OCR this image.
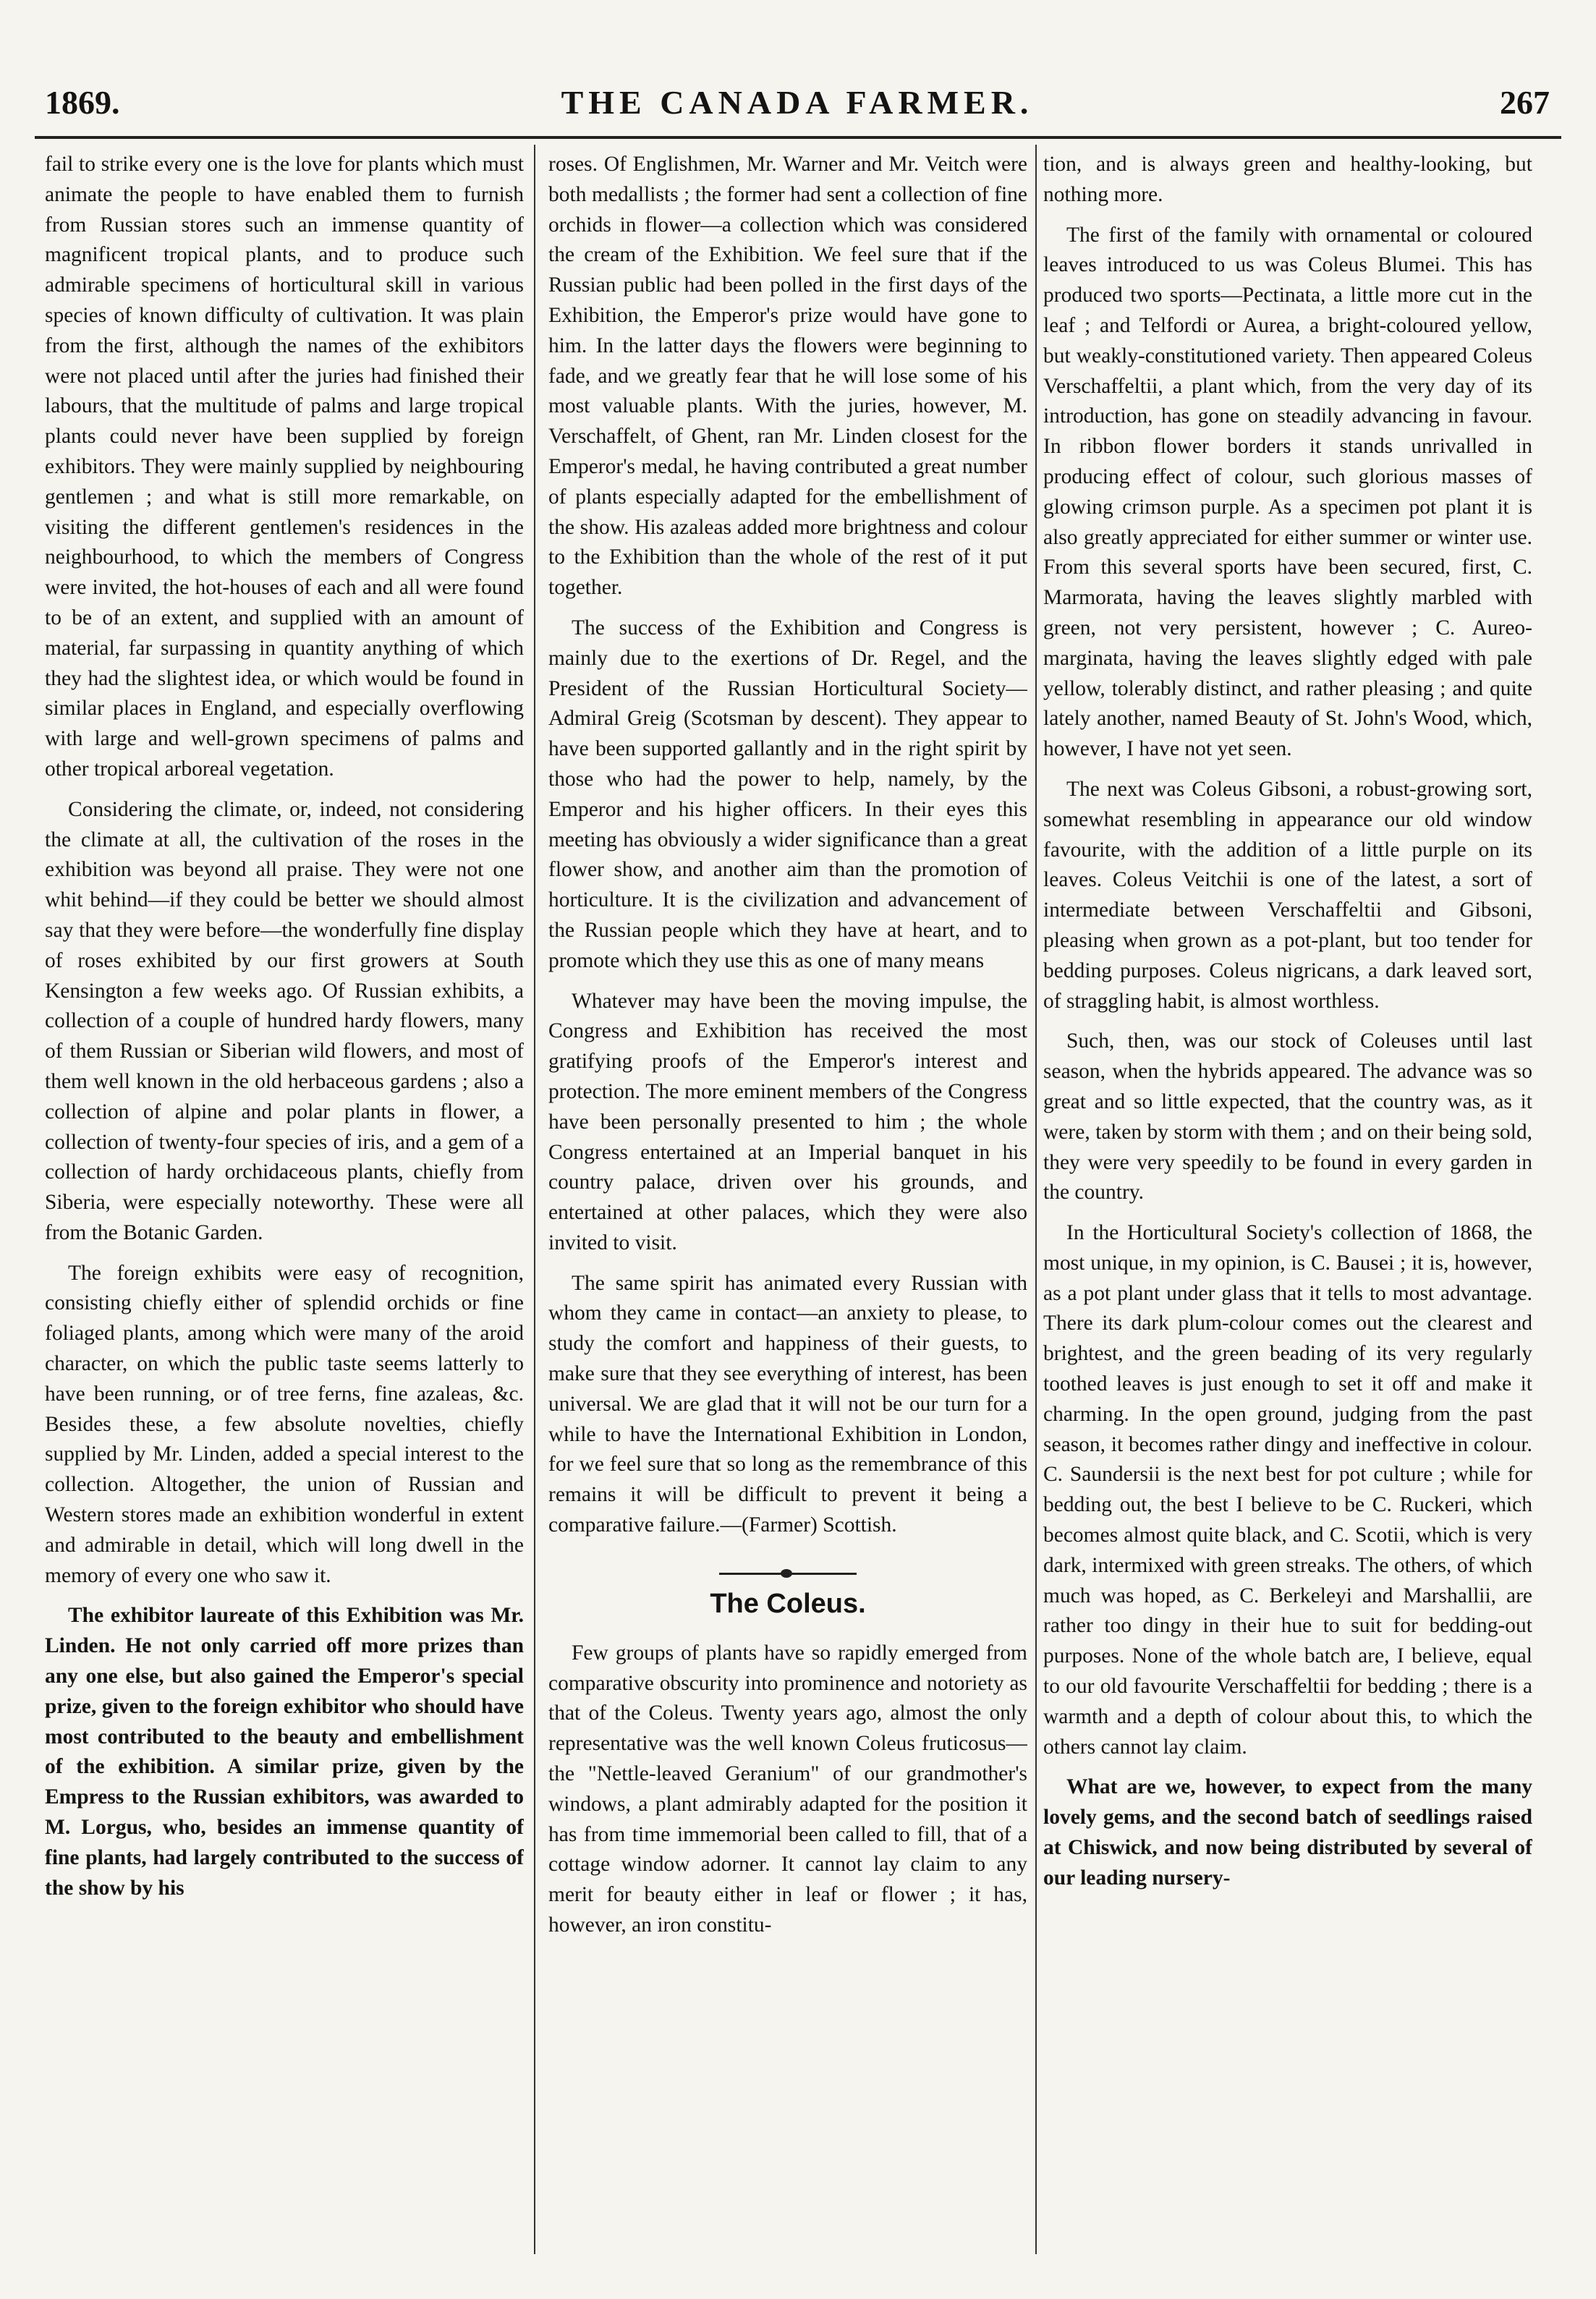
1869.	THE CANADA FARMER.	267

fail to strike every one is the love for plants which must animate the people to have enabled them to furnish from Russian stores such an immense quantity of magnificent tropical plants, and to produce such admirable specimens of horticultural skill in various species of known difficulty of cultivation. It was plain from the first, although the names of the exhibitors were not placed until after the juries had finished their labours, that the multitude of palms and large tropical plants could never have been supplied by foreign exhibitors. They were mainly supplied by neighbouring gentlemen ; and what is still more remarkable, on visiting the different gentlemen's residences in the neighbourhood, to which the members of Congress were invited, the hot-houses of each and all were found to be of an extent, and supplied with an amount of material, far surpassing in quantity anything of which they had the slightest idea, or which would be found in similar places in England, and especially overflowing with large and well-grown specimens of palms and other tropical arboreal vegetation.

Considering the climate, or, indeed, not considering the climate at all, the cultivation of the roses in the exhibition was beyond all praise. They were not one whit behind—if they could be better we should almost say that they were before—the wonderfully fine display of roses exhibited by our first growers at South Kensington a few weeks ago. Of Russian exhibits, a collection of a couple of hundred hardy flowers, many of them Russian or Siberian wild flowers, and most of them well known in the old herbaceous gardens ; also a collection of alpine and polar plants in flower, a collection of twenty-four species of iris, and a gem of a collection of hardy orchidaceous plants, chiefly from Siberia, were especially noteworthy. These were all from the Botanic Garden.

The foreign exhibits were easy of recognition, consisting chiefly either of splendid orchids or fine foliaged plants, among which were many of the aroid character, on which the public taste seems latterly to have been running, or of tree ferns, fine azaleas, &c. Besides these, a few absolute novelties, chiefly supplied by Mr. Linden, added a special interest to the collection. Altogether, the union of Russian and Western stores made an exhibition wonderful in extent and admirable in detail, which will long dwell in the memory of every one who saw it.

The exhibitor laureate of this Exhibition was Mr. Linden. He not only carried off more prizes than any one else, but also gained the Emperor's special prize, given to the foreign exhibitor who should have most contributed to the beauty and embellishment of the exhibition. A similar prize, given by the Empress to the Russian exhibitors, was awarded to M. Lorgus, who, besides an immense quantity of fine plants, had largely contributed to the success of the show by his

roses. Of Englishmen, Mr. Warner and Mr. Veitch were both medallists ; the former had sent a collection of fine orchids in flower—a collection which was considered the cream of the Exhibition. We feel sure that if the Russian public had been polled in the first days of the Exhibition, the Emperor's prize would have gone to him. In the latter days the flowers were beginning to fade, and we greatly fear that he will lose some of his most valuable plants. With the juries, however, M. Verschaffelt, of Ghent, ran Mr. Linden closest for the Emperor's medal, he having contributed a great number of plants especially adapted for the embellishment of the show. His azaleas added more brightness and colour to the Exhibition than the whole of the rest of it put together.

The success of the Exhibition and Congress is mainly due to the exertions of Dr. Regel, and the President of the Russian Horticultural Society—Admiral Greig (Scotsman by descent). They appear to have been supported gallantly and in the right spirit by those who had the power to help, namely, by the Emperor and his higher officers. In their eyes this meeting has obviously a wider significance than a great flower show, and another aim than the promotion of horticulture. It is the civilization and advancement of the Russian people which they have at heart, and to promote which they use this as one of many means

Whatever may have been the moving impulse, the Congress and Exhibition has received the most gratifying proofs of the Emperor's interest and protection. The more eminent members of the Congress have been personally presented to him ; the whole Congress entertained at an Imperial banquet in his country palace, driven over his grounds, and entertained at other palaces, which they were also invited to visit.

The same spirit has animated every Russian with whom they came in contact—an anxiety to please, to study the comfort and happiness of their guests, to make sure that they see everything of interest, has been universal. We are glad that it will not be our turn for a while to have the International Exhibition in London, for we feel sure that so long as the remembrance of this remains it will be difficult to prevent it being a comparative failure.—(Farmer) Scottish.

The Coleus.

Few groups of plants have so rapidly emerged from comparative obscurity into prominence and notoriety as that of the Coleus. Twenty years ago, almost the only representative was the well known Coleus fruticosus—the "Nettle-leaved Geranium" of our grandmother's windows, a plant admirably adapted for the position it has from time immemorial been called to fill, that of a cottage window adorner. It cannot lay claim to any merit for beauty either in leaf or flower ; it has, however, an iron constitu-

tion, and is always green and healthy-looking, but nothing more.

The first of the family with ornamental or coloured leaves introduced to us was Coleus Blumei. This has produced two sports—Pectinata, a little more cut in the leaf ; and Telfordi or Aurea, a bright-coloured yellow, but weakly-constitutioned variety. Then appeared Coleus Verschaffeltii, a plant which, from the very day of its introduction, has gone on steadily advancing in favour. In ribbon flower borders it stands unrivalled in producing effect of colour, such glorious masses of glowing crimson purple. As a specimen pot plant it is also greatly appreciated for either summer or winter use. From this several sports have been secured, first, C. Marmorata, having the leaves slightly marbled with green, not very persistent, however ; C. Aureo-marginata, having the leaves slightly edged with pale yellow, tolerably distinct, and rather pleasing ; and quite lately another, named Beauty of St. John's Wood, which, however, I have not yet seen.

The next was Coleus Gibsoni, a robust-growing sort, somewhat resembling in appearance our old window favourite, with the addition of a little purple on its leaves. Coleus Veitchii is one of the latest, a sort of intermediate between Verschaffeltii and Gibsoni, pleasing when grown as a pot-plant, but too tender for bedding purposes. Coleus nigricans, a dark leaved sort, of straggling habit, is almost worthless.

Such, then, was our stock of Coleuses until last season, when the hybrids appeared. The advance was so great and so little expected, that the country was, as it were, taken by storm with them ; and on their being sold, they were very speedily to be found in every garden in the country.

In the Horticultural Society's collection of 1868, the most unique, in my opinion, is C. Bausei ; it is, however, as a pot plant under glass that it tells to most advantage. There its dark plum-colour comes out the clearest and brightest, and the green beading of its very regularly toothed leaves is just enough to set it off and make it charming. In the open ground, judging from the past season, it becomes rather dingy and ineffective in colour. C. Saundersii is the next best for pot culture ; while for bedding out, the best I believe to be C. Ruckeri, which becomes almost quite black, and C. Scotii, which is very dark, intermixed with green streaks. The others, of which much was hoped, as C. Berkeleyi and Marshallii, are rather too dingy in their hue to suit for bedding-out purposes. None of the whole batch are, I believe, equal to our old favourite Verschaffeltii for bedding ; there is a warmth and a depth of colour about this, to which the others cannot lay claim.

What are we, however, to expect from the many lovely gems, and the second batch of seedlings raised at Chiswick, and now being distributed by several of our leading nursery-
